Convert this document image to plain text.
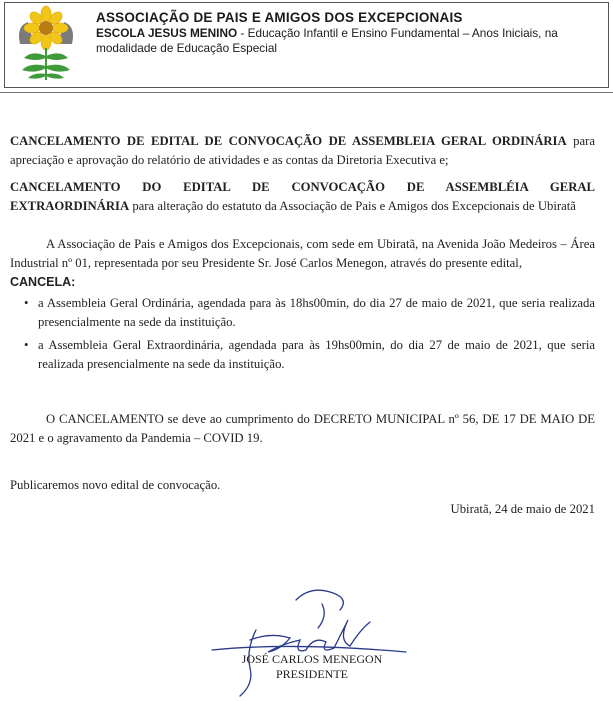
ASSOCIAÇÃO DE PAIS E AMIGOS DOS EXCEPCIONAIS
ESCOLA JESUS MENINO - Educação Infantil e Ensino Fundamental – Anos Iniciais, na modalidade de Educação Especial

CANCELAMENTO DE EDITAL DE CONVOCAÇÃO DE ASSEMBLEIA GERAL ORDINÁRIA para apreciação e aprovação do relatório de atividades e as contas da Diretoria Executiva e;

CANCELAMENTO DO EDITAL DE CONVOCAÇÃO DE ASSEMBLÉIA GERAL

EXTRAORDINÁRIA para alteração do estatuto da Associação de Pais e Amigos dos Excepcionais de Ubiratã

A Associação de Pais e Amigos dos Excepcionais, com sede em Ubiratã, na Avenida João Medeiros – Área Industrial nº 01, representada por seu Presidente Sr. José Carlos Menegon, através do presente edital,

CANCELA:

• a Assembleia Geral Ordinária, agendada para às 18hs00min, do dia 27 de maio de 2021, que seria realizada presencialmente na sede da instituição.
• a Assembleia Geral Extraordinária, agendada para às 19hs00min, do dia 27 de maio de 2021, que seria realizada presencialmente na sede da instituição.

O CANCELAMENTO se deve ao cumprimento do DECRETO MUNICIPAL nº 56, DE 17 DE MAIO DE 2021 e o agravamento da Pandemia – COVID 19.

Publicaremos novo edital de convocação.

Ubiratã, 24 de maio de 2021

JOSÉ CARLOS MENEGON
PRESIDENTE
